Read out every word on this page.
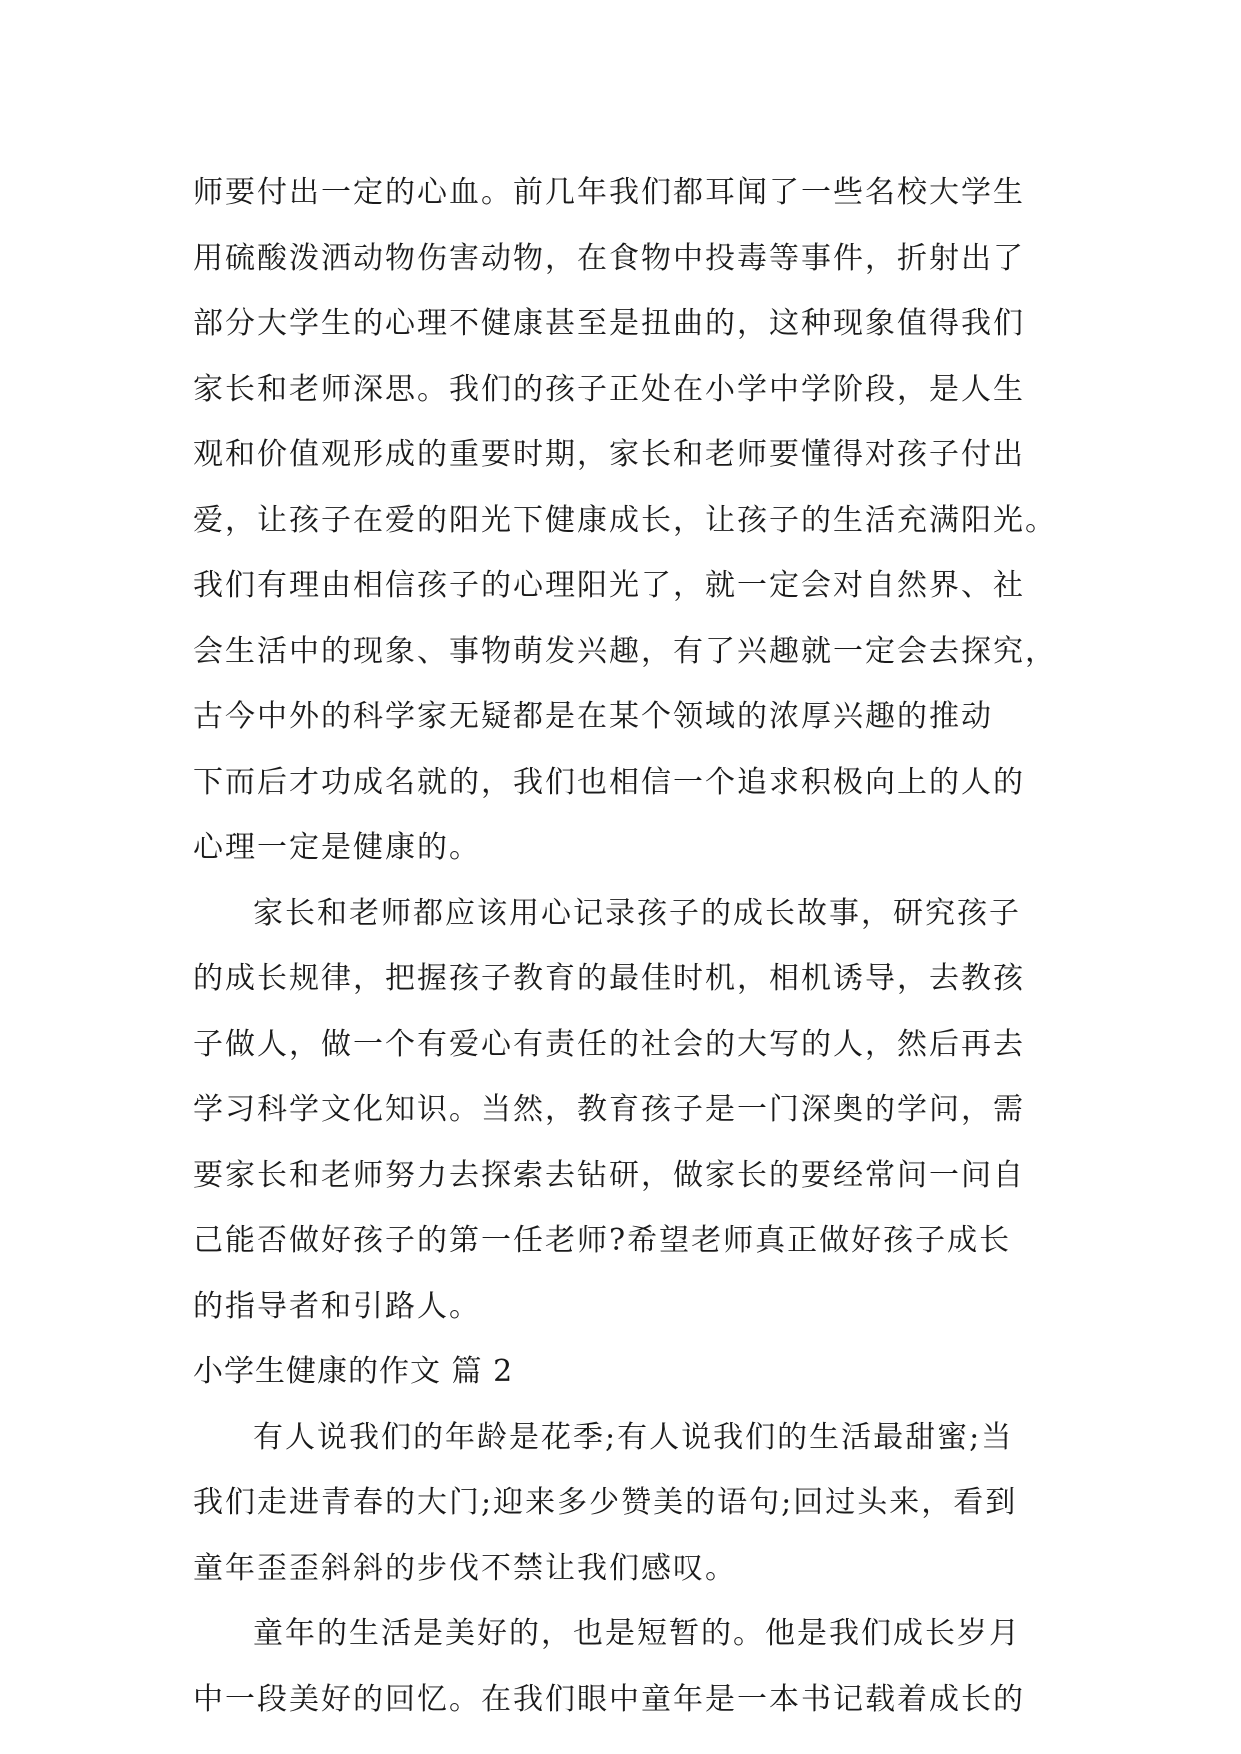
师要付出一定的心血。前几年我们都耳闻了一些名校大学生
用硫酸泼洒动物伤害动物，在食物中投毒等事件，折射出了
部分大学生的心理不健康甚至是扭曲的，这种现象值得我们
家长和老师深思。我们的孩子正处在小学中学阶段，是人生
观和价值观形成的重要时期，家长和老师要懂得对孩子付出
爱，让孩子在爱的阳光下健康成长，让孩子的生活充满阳光。
我们有理由相信孩子的心理阳光了，就一定会对自然界、社
会生活中的现象、事物萌发兴趣，有了兴趣就一定会去探究，
古今中外的科学家无疑都是在某个领域的浓厚兴趣的推动
下而后才功成名就的，我们也相信一个追求积极向上的人的
心理一定是健康的。
家长和老师都应该用心记录孩子的成长故事，研究孩子
的成长规律，把握孩子教育的最佳时机，相机诱导，去教孩
子做人，做一个有爱心有责任的社会的大写的人，然后再去
学习科学文化知识。当然，教育孩子是一门深奥的学问，需
要家长和老师努力去探索去钻研，做家长的要经常问一问自
己能否做好孩子的第一任老师?希望老师真正做好孩子成长
的指导者和引路人。
小学生健康的作文 篇 2
有人说我们的年龄是花季;有人说我们的生活最甜蜜;当
我们走进青春的大门;迎来多少赞美的语句;回过头来，看到
童年歪歪斜斜的步伐不禁让我们感叹。
童年的生活是美好的，也是短暂的。他是我们成长岁月
中一段美好的回忆。在我们眼中童年是一本书记载着成长的
